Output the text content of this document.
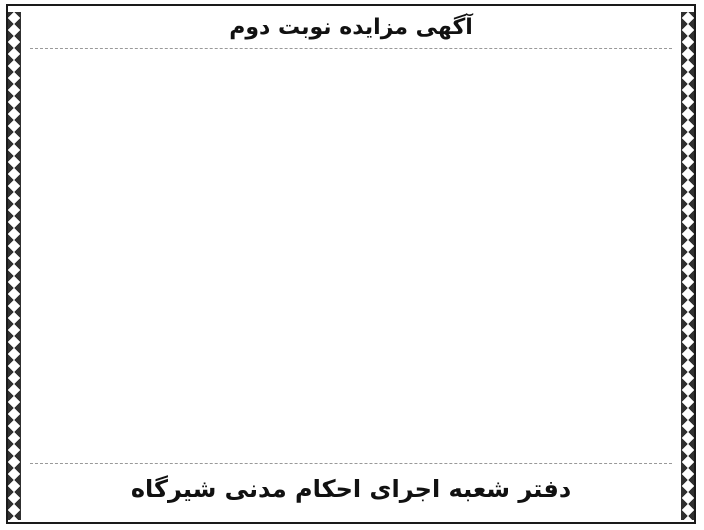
آگهی مزایده نوبت دوم
دفتر شعبه اجرای احکام مدنی شیرگاه
